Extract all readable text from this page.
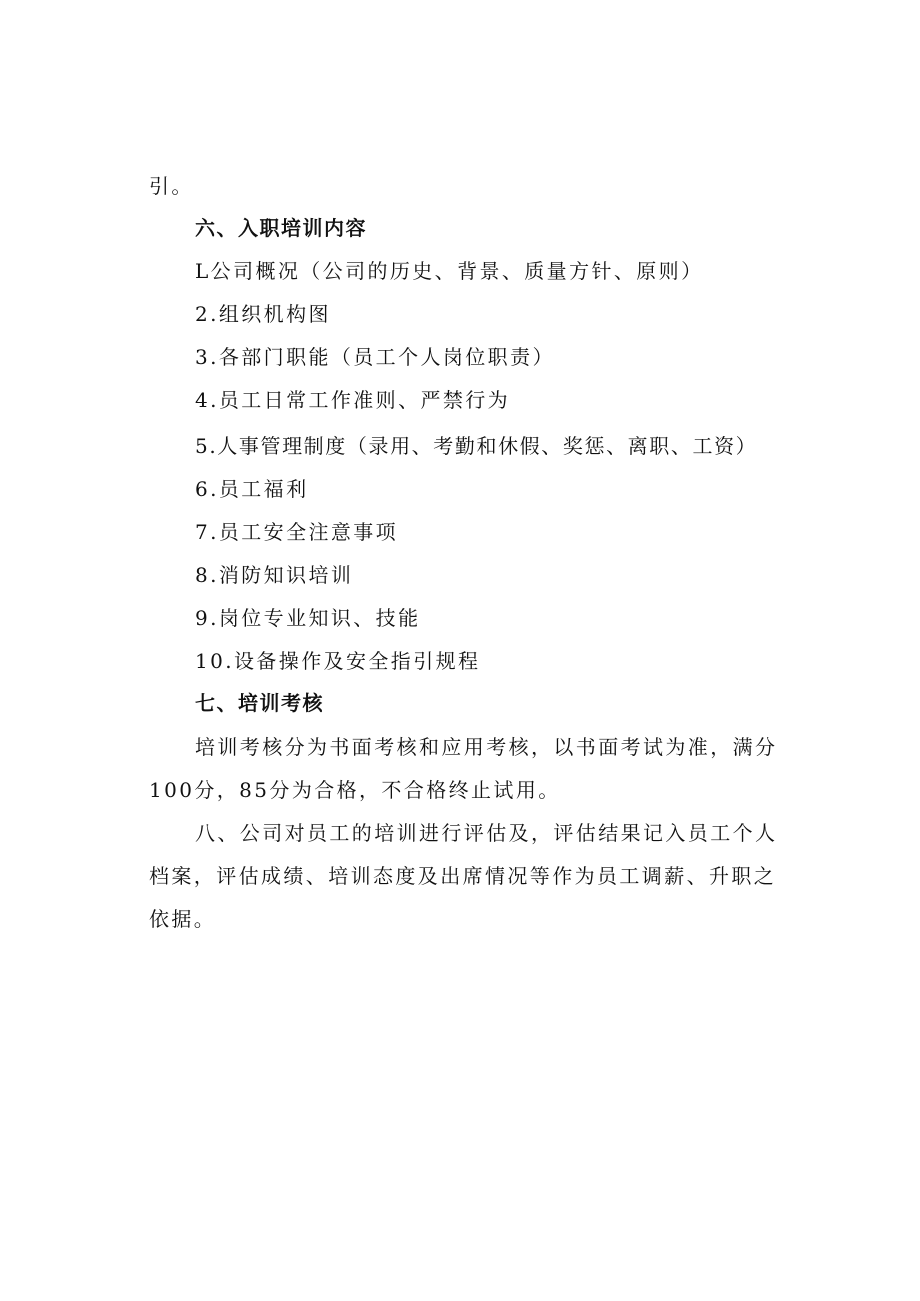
引。
六、入职培训内容
L公司概况（公司的历史、背景、质量方针、原则）
2.组织机构图
3.各部门职能（员工个人岗位职责）
4.员工日常工作准则、严禁行为
5.人事管理制度（录用、考勤和休假、奖惩、离职、工资）
6.员工福利
7.员工安全注意事项
8.消防知识培训
9.岗位专业知识、技能
10.设备操作及安全指引规程
七、培训考核
培训考核分为书面考核和应用考核，以书面考试为准，满分
100分，85分为合格，不合格终止试用。
八、公司对员工的培训进行评估及，评估结果记入员工个人
档案，评估成绩、培训态度及出席情况等作为员工调薪、升职之
依据。
